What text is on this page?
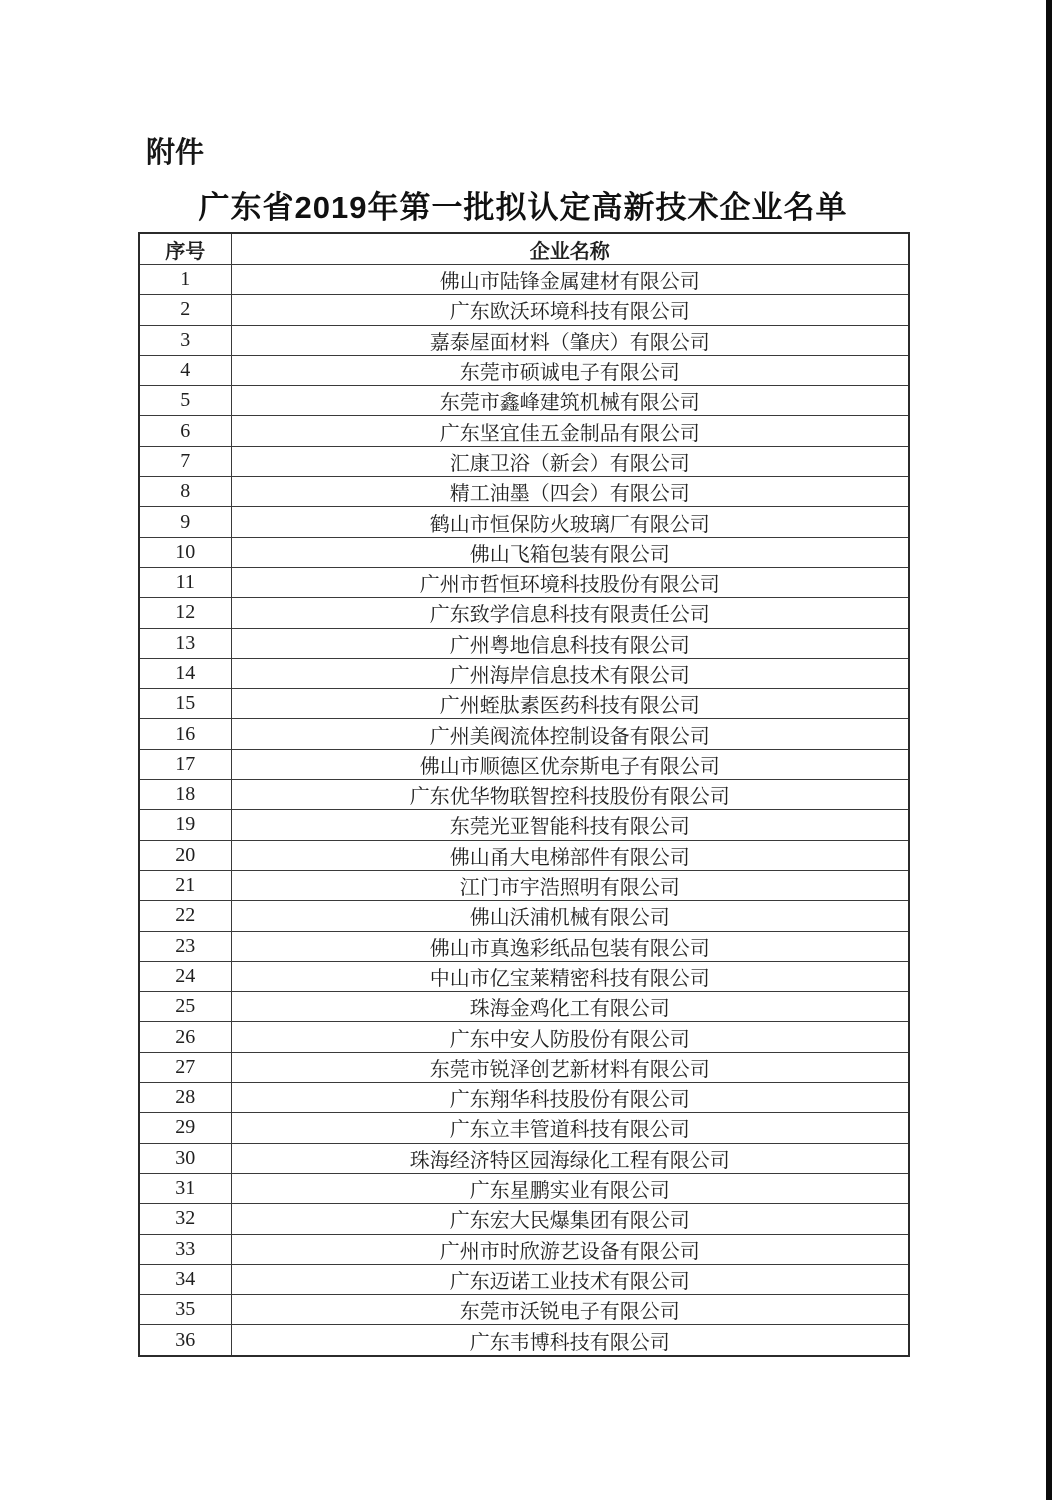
附件
广东省2019年第一批拟认定高新技术企业名单
序号	企业名称
1	佛山市陆锋金属建材有限公司
2	广东欧沃环境科技有限公司
3	嘉泰屋面材料（肇庆）有限公司
4	东莞市硕诚电子有限公司
5	东莞市鑫峰建筑机械有限公司
6	广东坚宜佳五金制品有限公司
7	汇康卫浴（新会）有限公司
8	精工油墨（四会）有限公司
9	鹤山市恒保防火玻璃厂有限公司
10	佛山飞箱包装有限公司
11	广州市哲恒环境科技股份有限公司
12	广东致学信息科技有限责任公司
13	广州粤地信息科技有限公司
14	广州海岸信息技术有限公司
15	广州蛭肽素医药科技有限公司
16	广州美阀流体控制设备有限公司
17	佛山市顺德区优奈斯电子有限公司
18	广东优华物联智控科技股份有限公司
19	东莞光亚智能科技有限公司
20	佛山甬大电梯部件有限公司
21	江门市宇浩照明有限公司
22	佛山沃浦机械有限公司
23	佛山市真逸彩纸品包装有限公司
24	中山市亿宝莱精密科技有限公司
25	珠海金鸡化工有限公司
26	广东中安人防股份有限公司
27	东莞市锐泽创艺新材料有限公司
28	广东翔华科技股份有限公司
29	广东立丰管道科技有限公司
30	珠海经济特区园海绿化工程有限公司
31	广东星鹏实业有限公司
32	广东宏大民爆集团有限公司
33	广州市时欣游艺设备有限公司
34	广东迈诺工业技术有限公司
35	东莞市沃锐电子有限公司
36	广东韦博科技有限公司
